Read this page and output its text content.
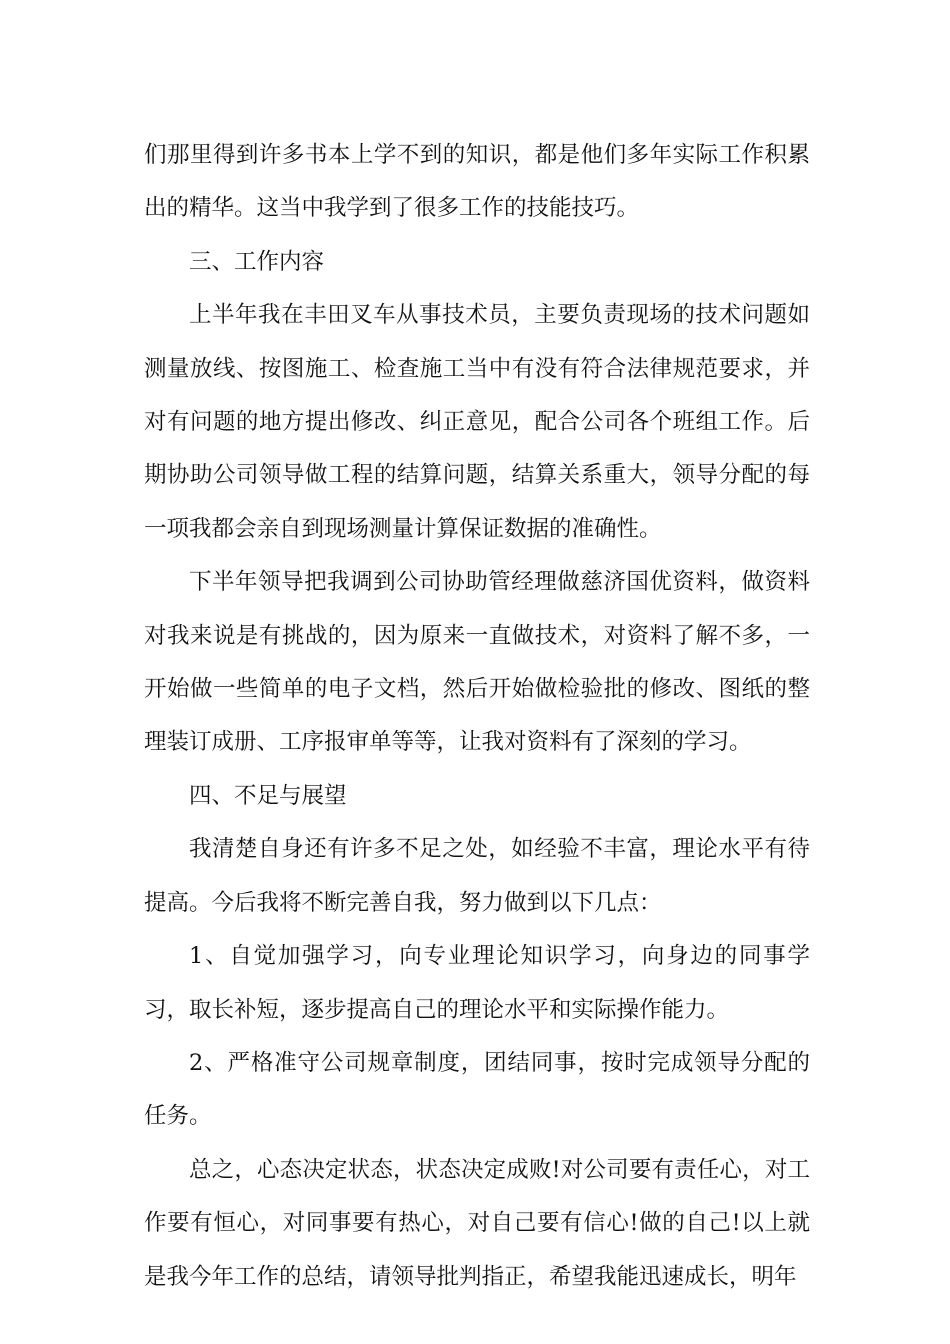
们那里得到许多书本上学不到的知识，都是他们多年实际工作积累出的精华。这当中我学到了很多工作的技能技巧。

三、工作内容

上半年我在丰田叉车从事技术员，主要负责现场的技术问题如测量放线、按图施工、检查施工当中有没有符合法律规范要求，并对有问题的地方提出修改、纠正意见，配合公司各个班组工作。后期协助公司领导做工程的结算问题，结算关系重大，领导分配的每一项我都会亲自到现场测量计算保证数据的准确性。

下半年领导把我调到公司协助管经理做慈济国优资料，做资料对我来说是有挑战的，因为原来一直做技术，对资料了解不多，一开始做一些简单的电子文档，然后开始做检验批的修改、图纸的整理装订成册、工序报审单等等，让我对资料有了深刻的学习。

四、不足与展望

我清楚自身还有许多不足之处，如经验不丰富，理论水平有待提高。今后我将不断完善自我，努力做到以下几点：

1、自觉加强学习，向专业理论知识学习，向身边的同事学习，取长补短，逐步提高自己的理论水平和实际操作能力。

2、严格准守公司规章制度，团结同事，按时完成领导分配的任务。

总之，心态决定状态，状态决定成败!对公司要有责任心，对工作要有恒心，对同事要有热心，对自己要有信心!做的自己!以上就是我今年工作的总结，请领导批判指正，希望我能迅速成长，明年
